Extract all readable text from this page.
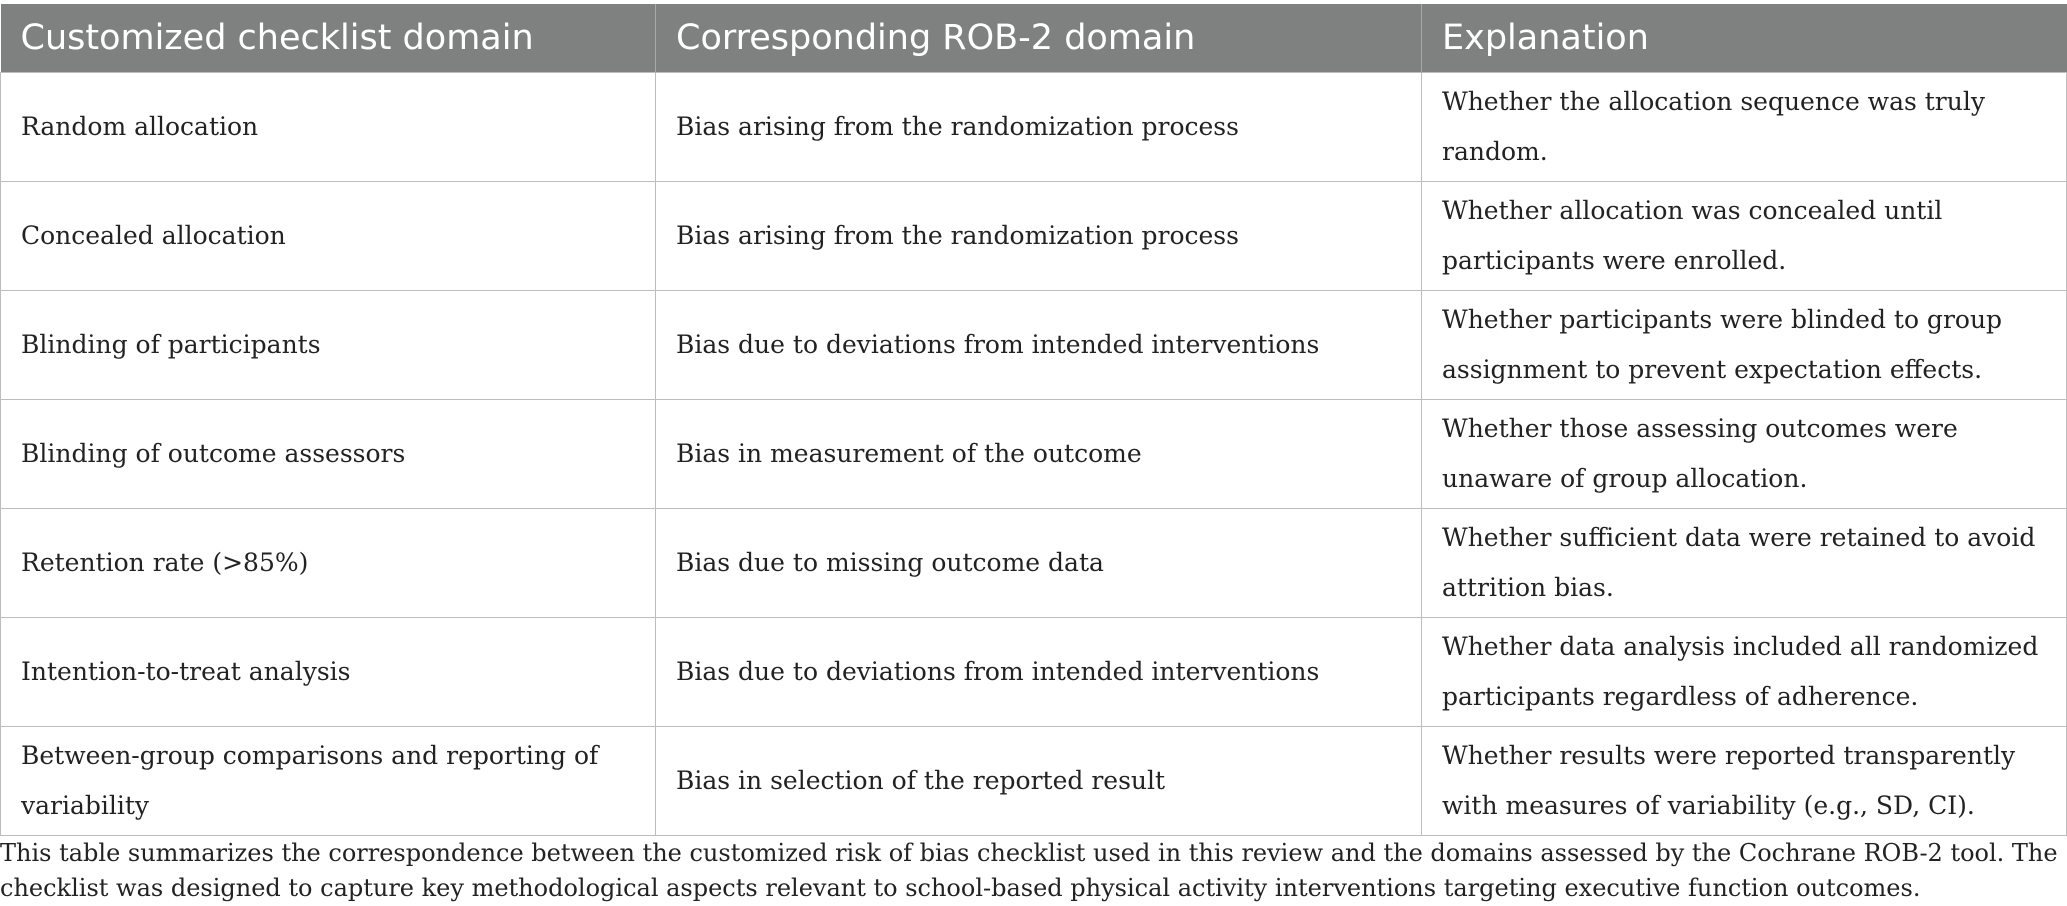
Customized checklist domain	Corresponding ROB-2 domain	Explanation
Random allocation	Bias arising from the randomization process	Whether the allocation sequence was truly random.
Concealed allocation	Bias arising from the randomization process	Whether allocation was concealed until participants were enrolled.
Blinding of participants	Bias due to deviations from intended interventions	Whether participants were blinded to group assignment to prevent expectation effects.
Blinding of outcome assessors	Bias in measurement of the outcome	Whether those assessing outcomes were unaware of group allocation.
Retention rate (>85%)	Bias due to missing outcome data	Whether sufficient data were retained to avoid attrition bias.
Intention-to-treat analysis	Bias due to deviations from intended interventions	Whether data analysis included all randomized participants regardless of adherence.
Between-group comparisons and reporting of variability	Bias in selection of the reported result	Whether results were reported transparently with measures of variability (e.g., SD, CI).

This table summarizes the correspondence between the customized risk of bias checklist used in this review and the domains assessed by the Cochrane ROB-2 tool. The checklist was designed to capture key methodological aspects relevant to school-based physical activity interventions targeting executive function outcomes.
